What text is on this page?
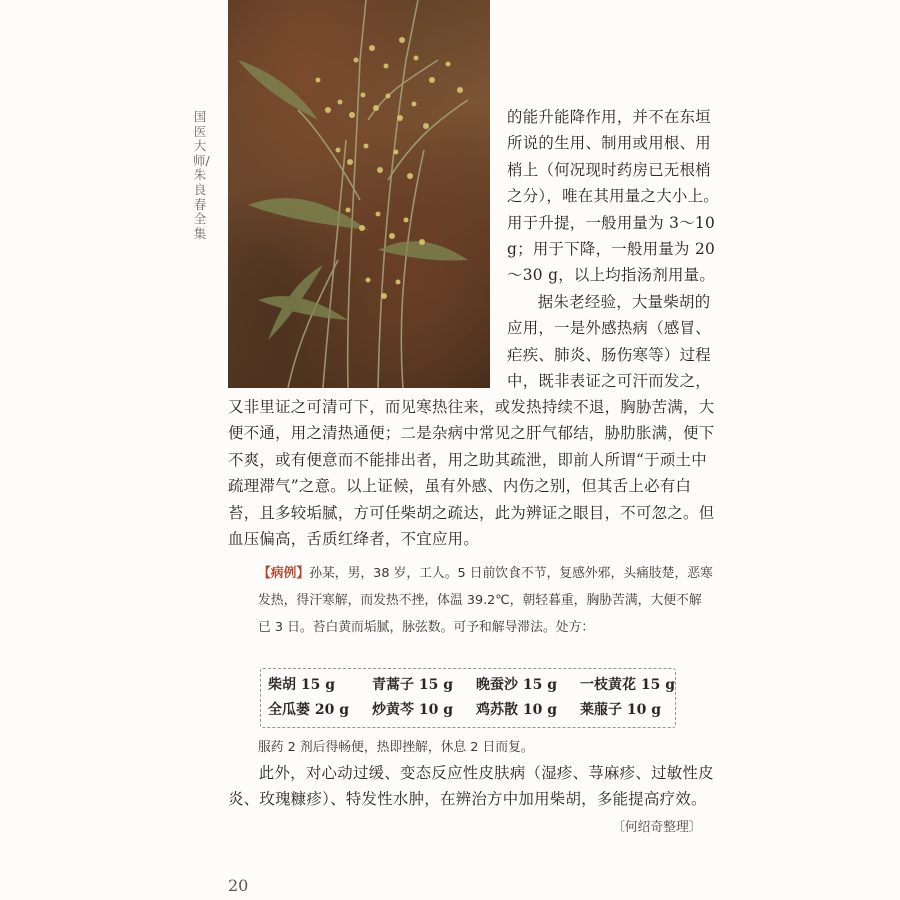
国医大师/朱良春全集

的能升能降作用，并不在东垣所说的生用、制用或用根、用梢上（何况现时药房已无根梢之分），唯在其用量之大小上。用于升提，一般用量为 3～10 g；用于下降，一般用量为 20～30 g，以上均指汤剂用量。

据朱老经验，大量柴胡的应用，一是外感热病（感冒、疟疾、肺炎、肠伤寒等）过程中，既非表证之可汗而发之，

又非里证之可清可下，而见寒热往来，或发热持续不退，胸胁苦满，大便不通，用之清热通便；二是杂病中常见之肝气郁结，胁肋胀满，便下不爽，或有便意而不能排出者，用之助其疏泄，即前人所谓“于顽土中疏理滞气”之意。以上证候，虽有外感、内伤之别，但其舌上必有白苔，且多较垢腻，方可任柴胡之疏达，此为辨证之眼目，不可忽之。但血压偏高，舌质红绛者，不宜应用。

【病例】孙某，男，38 岁，工人。5 日前饮食不节，复感外邪，头痛肢楚，恶寒发热，得汗寒解，而发热不挫，体温 39.2℃，朝轻暮重，胸胁苦满，大便不解已 3 日。苔白黄而垢腻，脉弦数。可予和解导滞法。处方：
柴胡 15 g	青蒿子 15 g	晚蚕沙 15 g	一枝黄花 15 g
全瓜蒌 20 g	炒黄芩 10 g	鸡苏散 10 g	莱菔子 10 g
服药 2 剂后得畅便，热即挫解，休息 2 日而复。

此外，对心动过缓、变态反应性皮肤病（湿疹、荨麻疹、过敏性皮炎、玫瑰糠疹）、特发性水肿，在辨治方中加用柴胡，多能提高疗效。

〔何绍奇整理〕
20
